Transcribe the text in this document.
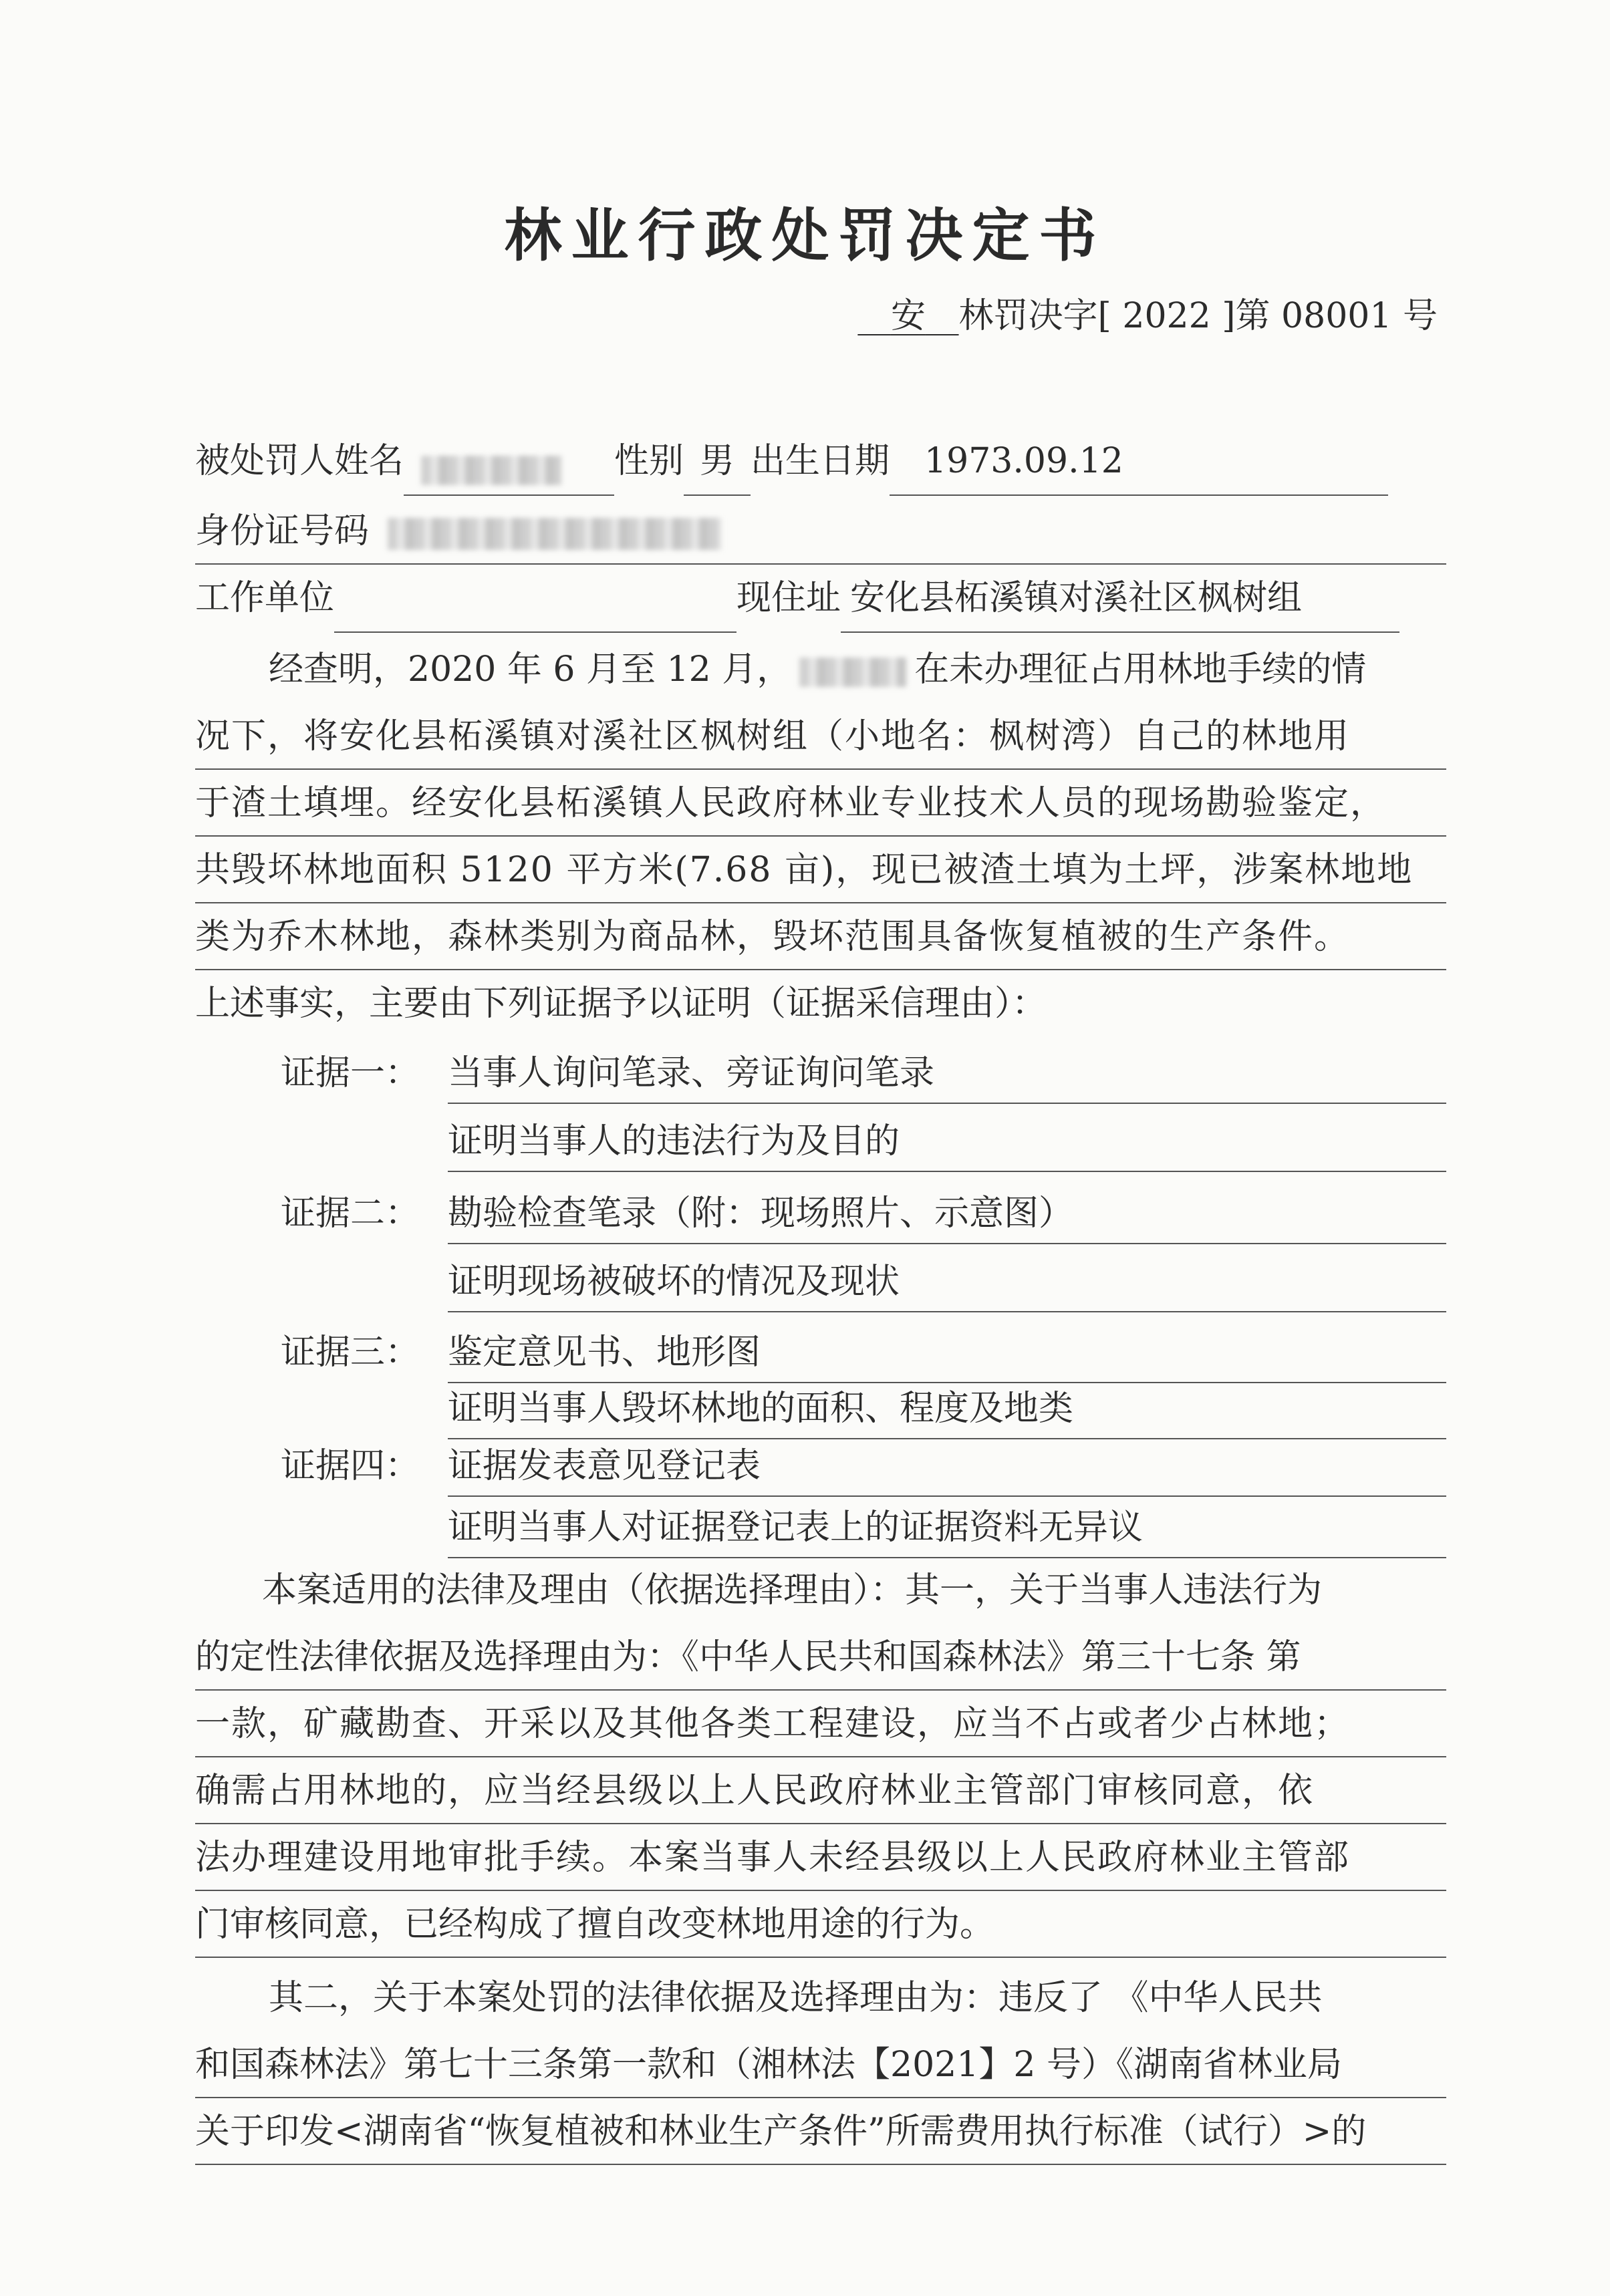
林业行政处罚决定书
安 林罚决字[ 2022 ]第 08001 号
被处罚人姓名	性别 男 出生日期 1973.09.12
身份证号码
工作单位	现住址 安化县柘溪镇对溪社区枫树组
经查明，2020 年 6 月至 12 月，	在未办理征占用林地手续的情
况下，将安化县柘溪镇对溪社区枫树组（小地名：枫树湾）自己的林地用
于渣土填埋。经安化县柘溪镇人民政府林业专业技术人员的现场勘验鉴定，
共毁坏林地面积 5120 平方米(7.68 亩)，现已被渣土填为土坪，涉案林地地
类为乔木林地，森林类别为商品林，毁坏范围具备恢复植被的生产条件。
上述事实，主要由下列证据予以证明（证据采信理由）：
证据一： 当事人询问笔录、旁证询问笔录
证明当事人的违法行为及目的
证据二： 勘验检查笔录（附：现场照片、示意图）
证明现场被破坏的情况及现状
证据三： 鉴定意见书、地形图
证明当事人毁坏林地的面积、程度及地类
证据四： 证据发表意见登记表
证明当事人对证据登记表上的证据资料无异议
本案适用的法律及理由（依据选择理由）：其一，关于当事人违法行为
的定性法律依据及选择理由为：《中华人民共和国森林法》第三十七条 第
一款，矿藏勘查、开采以及其他各类工程建设，应当不占或者少占林地；
确需占用林地的，应当经县级以上人民政府林业主管部门审核同意，依
法办理建设用地审批手续。本案当事人未经县级以上人民政府林业主管部
门审核同意，已经构成了擅自改变林地用途的行为。
其二，关于本案处罚的法律依据及选择理由为：违反了 《中华人民共
和国森林法》第七十三条第一款和（湘林法【2021】2 号）《湖南省林业局
关于印发<湖南省“恢复植被和林业生产条件”所需费用执行标准（试行）>的
